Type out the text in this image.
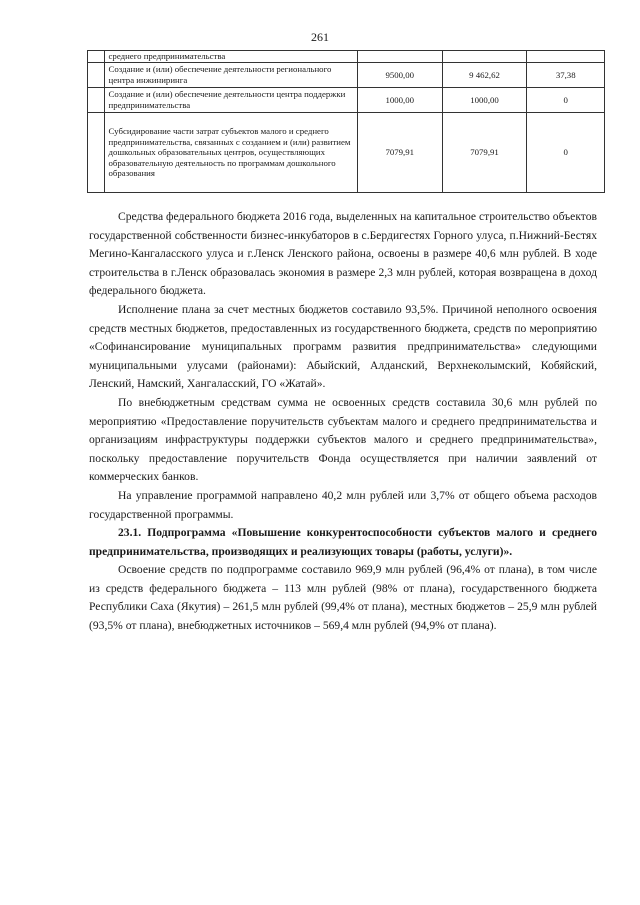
261
	среднего предпринимательства			
	Создание и (или) обеспечение деятельности регионального центра инжиниринга	9500,00	9 462,62	37,38
	Создание и (или) обеспечение деятельности центра поддержки предпринимательства	1000,00	1000,00	0
	Субсидирование части затрат субъектов малого и среднего предпринимательства, связанных с созданием и (или) развитием дошкольных образовательных центров, осуществляющих образовательную деятельность по программам дошкольного образования	7079,91	7079,91	0

Средства федерального бюджета 2016 года, выделенных на капитальное строительство объектов государственной собственности бизнес-инкубаторов в с.Бердигестях Горного улуса, п.Нижний-Бестях Мегино-Кангаласского улуса и г.Ленск Ленского района, освоены в размере 40,6 млн рублей. В ходе строительства в г.Ленск образовалась экономия в размере 2,3 млн рублей, которая возвращена в доход федерального бюджета.

Исполнение плана за счет местных бюджетов составило 93,5%. Причиной неполного освоения средств местных бюджетов, предоставленных из государственного бюджета, средств по мероприятию «Софинансирование муниципальных программ развития предпринимательства» следующими муниципальными улусами (районами): Абыйский, Алданский, Верхнеколымский, Кобяйский, Ленский, Намский, Хангаласский, ГО «Жатай».

По внебюджетным средствам сумма не освоенных средств составила 30,6 млн рублей по мероприятию «Предоставление поручительств субъектам малого и среднего предпринимательства и организациям инфраструктуры поддержки субъектов малого и среднего предпринимательства», поскольку предоставление поручительств Фонда осуществляется при наличии заявлений от коммерческих банков.

На управление программой направлено 40,2 млн рублей или 3,7% от общего объема расходов государственной программы.

23.1. Подпрограмма «Повышение конкурентоспособности субъектов малого и среднего предпринимательства, производящих и реализующих товары (работы, услуги)».

Освоение средств по подпрограмме составило 969,9 млн рублей (96,4% от плана), в том числе из средств федерального бюджета – 113 млн рублей (98% от плана), государственного бюджета Республики Саха (Якутия) – 261,5 млн рублей (99,4% от плана), местных бюджетов – 25,9 млн рублей (93,5% от плана), внебюджетных источников – 569,4 млн рублей (94,9% от плана).
